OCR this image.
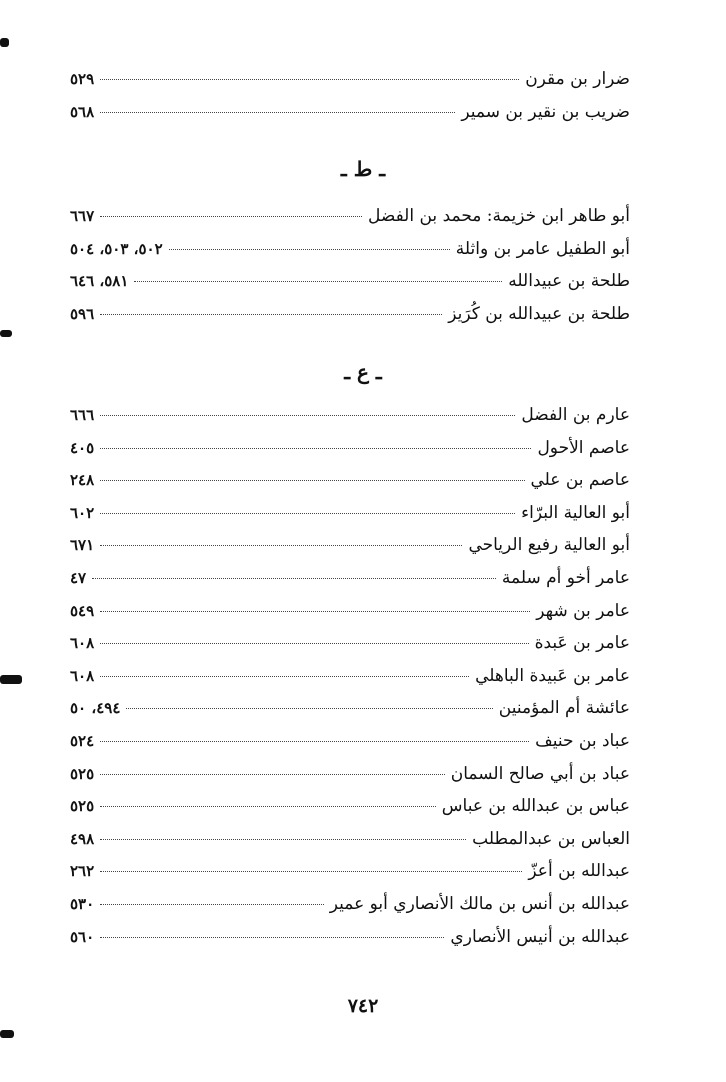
ضرار بن مقرن
٥٢٩
ضريب بن نقير بن سمير
٥٦٨
ـ ط ـ
أبو طاهر ابن خزيمة: محمد بن الفضل
٦٦٧
أبو الطفيل عامر بن واثلة
٥٠٢، ٥٠٣، ٥٠٤
طلحة بن عبيدالله
٥٨١، ٦٤٦
طلحة بن عبيدالله بن كُرَيز
٥٩٦
ـ ع ـ
عارم بن الفضل
٦٦٦
عاصم الأحول
٤٠٥
عاصم بن علي
٢٤٨
أبو العالية البرّاء
٦٠٢
أبو العالية رفيع الرياحي
٦٧١
عامر أخو أم سلمة
٤٧
عامر بن شهر
٥٤٩
عامر بن عَبدة
٦٠٨
عامر بن عَبيدة الباهلي
٦٠٨
عائشة أم المؤمنين
٤٩٤، ٥٠
عباد بن حنيف
٥٢٤
عباد بن أبي صالح السمان
٥٢٥
عباس بن عبدالله بن عباس
٥٢٥
العباس بن عبدالمطلب
٤٩٨
عبدالله بن أعزّ
٢٦٢
عبدالله بن أنس بن مالك الأنصاري أبو عمير
٥٣٠
عبدالله بن أنيس الأنصاري
٥٦٠
٧٤٢
